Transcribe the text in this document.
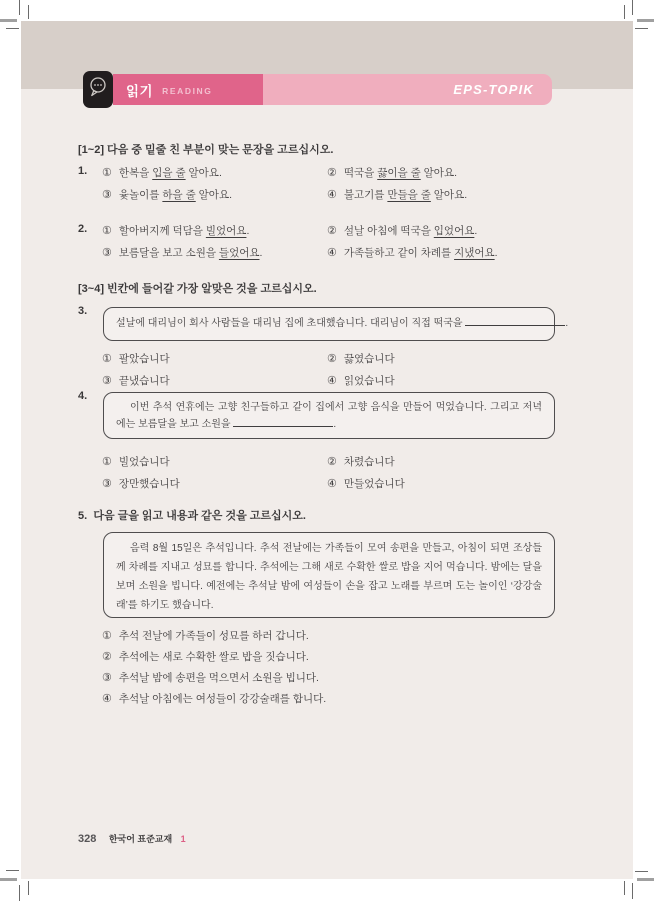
읽기 READING	EPS-TOPIK
[1~2] 다음 중 밑줄 친 부분이 맞는 문장을 고르십시오.
1. ① 한복을 입을 줄 알아요.	② 떡국을 끓이을 줄 알아요.
③ 윷놀이를 하을 줄 알아요.	④ 불고기를 만들을 줄 알아요.
2. ① 할아버지께 덕담을 빌었어요.	② 설날 아침에 떡국을 입었어요.
③ 보름달을 보고 소원을 들었어요.	④ 가족들하고 같이 차례를 지냈어요.
[3~4] 빈칸에 들어갈 가장 알맞은 것을 고르십시오.
3.
설날에 대리님이 회사 사람들을 대리님 집에 초대했습니다. 대리님이 직접 떡국을	.
① 팔았습니다	② 끓였습니다
③ 끝냈습니다	④ 읽었습니다
4.
이번 추석 연휴에는 고향 친구들하고 같이 집에서 고향 음식을 만들어 먹었습니다. 그리고 저녁에는 보름달을 보고 소원을	.
① 빌었습니다	② 차렸습니다
③ 장만했습니다	④ 만들었습니다
5. 다음 글을 읽고 내용과 같은 것을 고르십시오.
음력 8월 15일은 추석입니다. 추석 전날에는 가족들이 모여 송편을 만들고, 아침이 되면 조상들께 차례를 지내고 성묘를 합니다. 추석에는 그해 새로 수확한 쌀로 밥을 지어 먹습니다. 밤에는 달을 보며 소원을 빕니다. 예전에는 추석날 밤에 여성들이 손을 잡고 노래를 부르며 도는 놀이인 ‘강강술래’를 하기도 했습니다.
① 추석 전날에 가족들이 성묘를 하러 갑니다.
② 추석에는 새로 수확한 쌀로 밥을 짓습니다.
③ 추석날 밤에 송편을 먹으면서 소원을 빕니다.
④ 추석날 아침에는 여성들이 강강술래를 합니다.
328 한국어 표준교재 1
